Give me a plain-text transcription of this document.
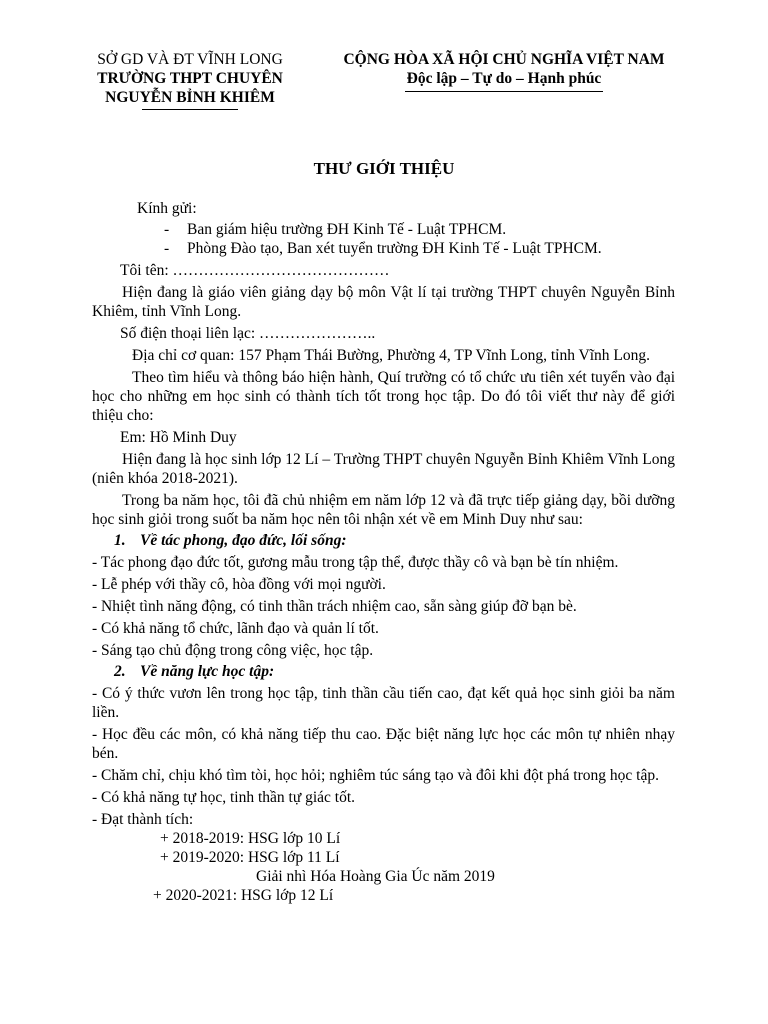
SỞ GD VÀ ĐT VĨNH LONG
TRƯỜNG THPT CHUYÊN
NGUYỄN BỈNH KHIÊM
CỘNG HÒA XÃ HỘI CHỦ NGHĨA VIỆT NAM
Độc lập – Tự do – Hạnh phúc
THƯ GIỚI THIỆU

Kính gửi:

- Ban giám hiệu trường ĐH Kinh Tế - Luật TPHCM.

- Phòng Đào tạo, Ban xét tuyển trường ĐH Kinh Tế - Luật TPHCM.

Tôi tên: ……………………………………

Hiện đang là giáo viên giảng dạy bộ môn Vật lí tại trường THPT chuyên Nguyễn Bỉnh Khiêm, tỉnh Vĩnh Long.

Số điện thoại liên lạc: …………………..

Địa chỉ cơ quan: 157 Phạm Thái Bường, Phường 4, TP Vĩnh Long, tỉnh Vĩnh Long.

Theo tìm hiểu và thông báo hiện hành, Quí trường có tổ chức ưu tiên xét tuyển vào đại học cho những em học sinh có thành tích tốt trong học tập. Do đó tôi viết thư này để giới thiệu cho:

Em: Hồ Minh Duy

Hiện đang là học sinh lớp 12 Lí – Trường THPT chuyên Nguyễn Bỉnh Khiêm Vĩnh Long (niên khóa 2018-2021).

Trong ba năm học, tôi đã chủ nhiệm em năm lớp 12 và đã trực tiếp giảng dạy, bồi dưỡng học sinh giỏi trong suốt ba năm học nên tôi nhận xét về em Minh Duy như sau:

1. Về tác phong, đạo đức, lối sống:

- Tác phong đạo đức tốt, gương mẫu trong tập thể, được thầy cô và bạn bè tín nhiệm.

- Lễ phép với thầy cô, hòa đồng với mọi người.

- Nhiệt tình năng động, có tinh thần trách nhiệm cao, sẵn sàng giúp đỡ bạn bè.

- Có khả năng tổ chức, lãnh đạo và quản lí tốt.

- Sáng tạo chủ động trong công việc, học tập.

2. Về năng lực học tập:

- Có ý thức vươn lên trong học tập, tinh thần cầu tiến cao, đạt kết quả học sinh giỏi ba năm liền.

- Học đều các môn, có khả năng tiếp thu cao. Đặc biệt năng lực học các môn tự nhiên nhạy bén.

- Chăm chỉ, chịu khó tìm tòi, học hỏi; nghiêm túc sáng tạo và đôi khi đột phá trong học tập.

- Có khả năng tự học, tinh thần tự giác tốt.

- Đạt thành tích:

+ 2018-2019: HSG lớp 10 Lí

+ 2019-2020: HSG lớp 11 Lí

Giải nhì Hóa Hoàng Gia Úc năm 2019

+ 2020-2021: HSG lớp 12 Lí
